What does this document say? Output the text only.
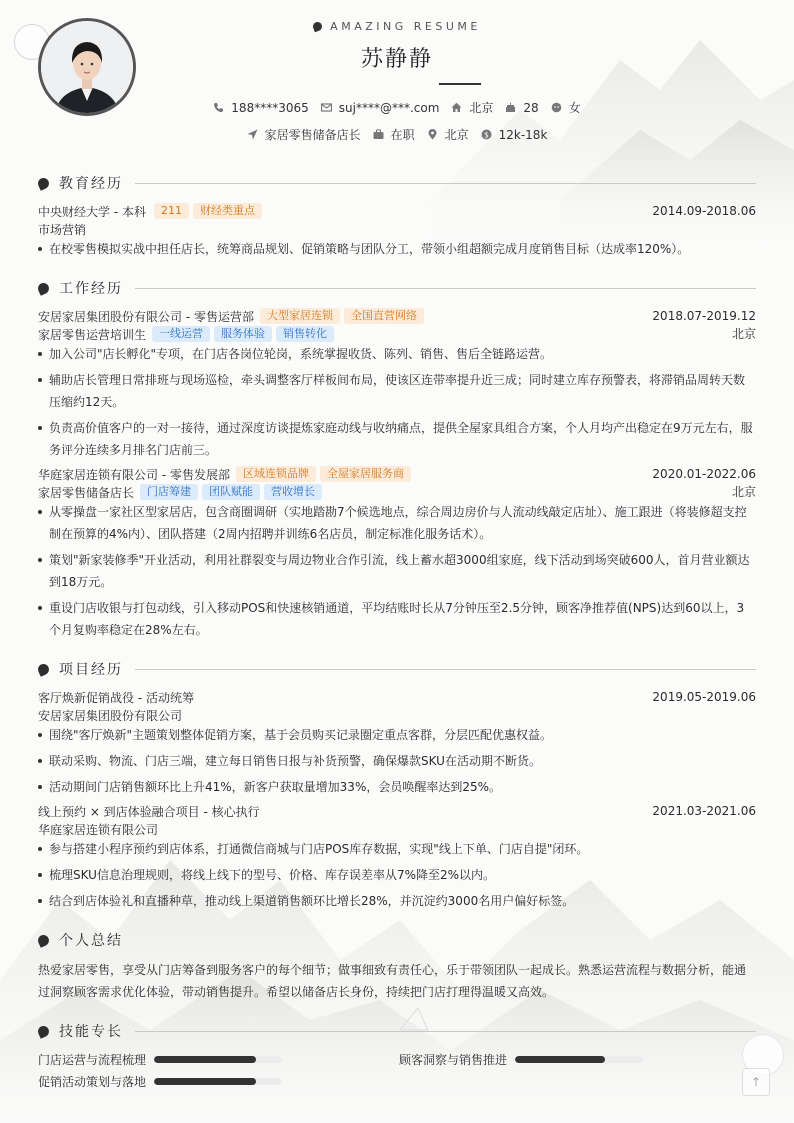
AMAZING RESUME
苏静静
188****3065	suj****@***.com	北京	28	女
家居零售储备店长	在职	北京 $ 12k-18k
教育经历
中央财经大学 - 本科	211	财经类重点	2014.09-2018.06
市场营销
在校零售模拟实战中担任店长，统筹商品规划、促销策略与团队分工，带领小组超额完成月度销售目标（达成率120%）。
工作经历
安居家居集团股份有限公司 - 零售运营部	大型家居连锁	全国直营网络	2018.07-2019.12
家居零售运营培训生	一线运营	服务体验	销售转化	北京
加入公司"店长孵化"专项，在门店各岗位轮岗，系统掌握收货、陈列、销售、售后全链路运营。
辅助店长管理日常排班与现场巡检，牵头调整客厅样板间布局，使该区连带率提升近三成；同时建立库存预警表，将滞销品周转天数压缩约12天。
负责高价值客户的一对一接待，通过深度访谈提炼家庭动线与收纳痛点，提供全屋家具组合方案，个人月均产出稳定在9万元左右，服务评分连续多月排名门店前三。
华庭家居连锁有限公司 - 零售发展部	区域连锁品牌	全屋家居服务商	2020.01-2022.06
家居零售储备店长	门店筹建	团队赋能	营收增长	北京
从零操盘一家社区型家居店，包含商圈调研（实地踏勘7个候选地点，综合周边房价与人流动线敲定店址）、施工跟进（将装修超支控制在预算的4%内）、团队搭建（2周内招聘并训练6名店员，制定标准化服务话术）。
策划"新家装修季"开业活动，利用社群裂变与周边物业合作引流，线上蓄水超3000组家庭，线下活动到场突破600人，首月营业额达到18万元。
重设门店收银与打包动线，引入移动POS和快速核销通道，平均结账时长从7分钟压至2.5分钟，顾客净推荐值(NPS)达到60以上，3个月复购率稳定在28%左右。
项目经历
客厅焕新促销战役 - 活动统筹	2019.05-2019.06
安居家居集团股份有限公司
围绕"客厅焕新"主题策划整体促销方案，基于会员购买记录圈定重点客群，分层匹配优惠权益。
联动采购、物流、门店三端，建立每日销售日报与补货预警，确保爆款SKU在活动期不断货。
活动期间门店销售额环比上升41%，新客户获取量增加33%，会员唤醒率达到25%。
线上预约 × 到店体验融合项目 - 核心执行	2021.03-2021.06
华庭家居连锁有限公司
参与搭建小程序预约到店体系，打通微信商城与门店POS库存数据，实现"线上下单、门店自提"闭环。
梳理SKU信息治理规则，将线上线下的型号、价格、库存误差率从7%降至2%以内。
结合到店体验礼和直播种草，推动线上渠道销售额环比增长28%，并沉淀约3000名用户偏好标签。
个人总结
热爱家居零售，享受从门店筹备到服务客户的每个细节；做事细致有责任心，乐于带领团队一起成长。熟悉运营流程与数据分析，能通过洞察顾客需求优化体验，带动销售提升。希望以储备店长身份，持续把门店打理得温暖又高效。
技能专长
门店运营与流程梳理	顾客洞察与销售推进
促销活动策划与落地	↑
